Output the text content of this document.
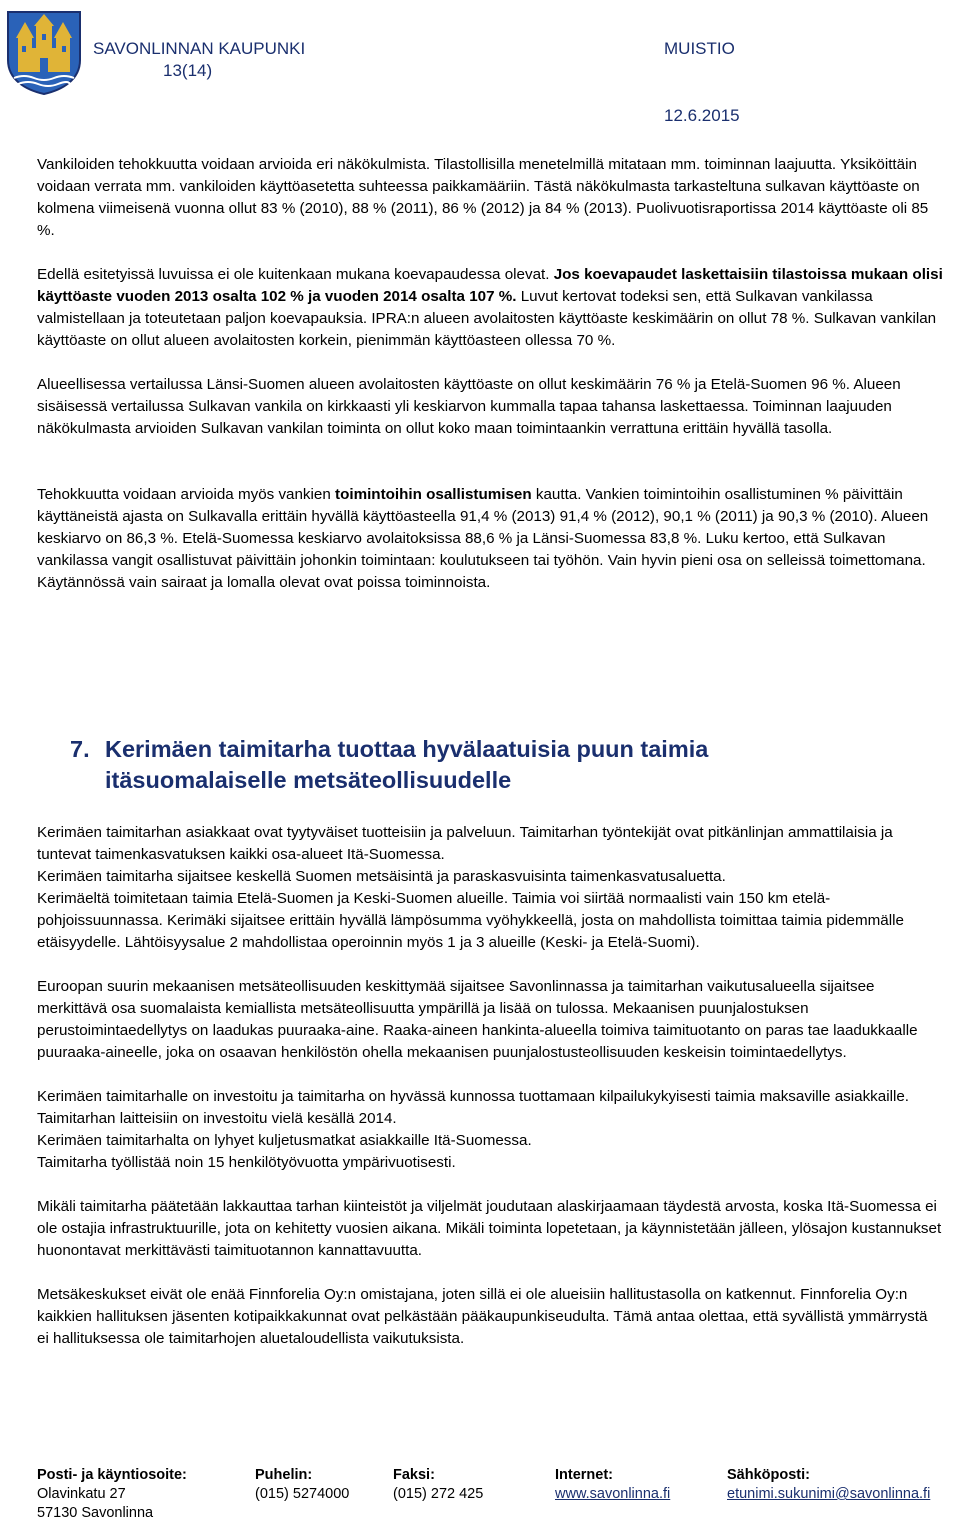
SAVONLINNAN KAUPUNKI
13(14)
MUISTIO
12.6.2015

Vankiloiden tehokkuutta voidaan arvioida eri näkökulmista. Tilastollisilla menetelmillä mitataan mm. toiminnan laajuutta. Yksiköittäin voidaan verrata mm. vankiloiden käyttöasetetta suhteessa paikkamääriin. Tästä näkökulmasta tarkasteltuna sulkavan käyttöaste on kolmena viimeisenä vuonna ollut 83 % (2010), 88 % (2011), 86 % (2012) ja 84 % (2013). Puolivuotisraportissa 2014 käyttöaste oli 85 %.

Edellä esitetyissä luvuissa ei ole kuitenkaan mukana koevapaudessa olevat. Jos koevapaudet laskettaisiin tilastoissa mukaan olisi käyttöaste vuoden 2013 osalta 102 % ja vuoden 2014 osalta 107 %. Luvut kertovat todeksi sen, että Sulkavan vankilassa valmistellaan ja toteutetaan paljon koevapauksia. IPRA:n alueen avolaitosten käyttöaste keskimäärin on ollut 78 %. Sulkavan vankilan käyttöaste on ollut alueen avolaitosten korkein, pienimmän käyttöasteen ollessa 70 %.

Alueellisessa vertailussa Länsi-Suomen alueen avolaitosten käyttöaste on ollut keskimäärin 76 % ja Etelä-Suomen 96 %. Alueen sisäisessä vertailussa Sulkavan vankila on kirkkaasti yli keskiarvon kummalla tapaa tahansa laskettaessa. Toiminnan laajuuden näkökulmasta arvioiden Sulkavan vankilan toiminta on ollut koko maan toimintaankin verrattuna erittäin hyvällä tasolla.

Tehokkuutta voidaan arvioida myös vankien toimintoihin osallistumisen kautta. Vankien toimintoihin osallistuminen % päivittäin käyttäneistä ajasta on Sulkavalla erittäin hyvällä käyttöasteella 91,4 % (2013) 91,4 % (2012), 90,1 % (2011) ja 90,3 % (2010). Alueen keskiarvo on 86,3 %. Etelä-Suomessa keskiarvo avolaitoksissa 88,6 % ja Länsi-Suomessa 83,8 %. Luku kertoo, että Sulkavan vankilassa vangit osallistuvat päivittäin johonkin toimintaan: koulutukseen tai työhön. Vain hyvin pieni osa on selleissä toimettomana. Käytännössä vain sairaat ja lomalla olevat ovat poissa toiminnoista.

7. Kerimäen taimitarha tuottaa hyvälaatuisia puun taimia itäsuomalaiselle metsäteollisuudelle

Kerimäen taimitarhan asiakkaat ovat tyytyväiset tuotteisiin ja palveluun. Taimitarhan työntekijät ovat pitkänlinjan ammattilaisia ja tuntevat taimenkasvatuksen kaikki osa-alueet Itä-Suomessa.
Kerimäen taimitarha sijaitsee keskellä Suomen metsäisintä ja paraskasvuisinta taimenkasvatusaluetta.
Kerimäeltä toimitetaan taimia Etelä-Suomen ja Keski-Suomen alueille. Taimia voi siirtää normaalisti vain 150 km etelä-pohjoissuunnassa. Kerimäki sijaitsee erittäin hyvällä lämpösumma vyöhykkeellä, josta on mahdollista toimittaa taimia pidemmälle etäisyydelle. Lähtöisyysalue 2 mahdollistaa operoinnin myös 1 ja 3 alueille (Keski- ja Etelä-Suomi).

Euroopan suurin mekaanisen metsäteollisuuden keskittymää sijaitsee Savonlinnassa ja taimitarhan vaikutusalueella sijaitsee merkittävä osa suomalaista kemiallista metsäteollisuutta ympärillä ja lisää on tulossa. Mekaanisen puunjalostuksen perustoimintaedellytys on laadukas puuraaka-aine. Raaka-aineen hankinta-alueella toimiva taimituotanto on paras tae laadukkaalle puuraaka-aineelle, joka on osaavan henkilöstön ohella mekaanisen puunjalostusteollisuuden keskeisin toimintaedellytys.

Kerimäen taimitarhalle on investoitu ja taimitarha on hyvässä kunnossa tuottamaan kilpailukykyisesti taimia maksaville asiakkaille. Taimitarhan laitteisiin on investoitu vielä kesällä 2014.
Kerimäen taimitarhalta on lyhyet kuljetusmatkat asiakkaille Itä-Suomessa.
Taimitarha työllistää noin 15 henkilötyövuotta ympärivuotisesti.

Mikäli taimitarha päätetään lakkauttaa tarhan kiinteistöt ja viljelmät joudutaan alaskirjaamaan täydestä arvosta, koska Itä-Suomessa ei ole ostajia infrastruktuurille, jota on kehitetty vuosien aikana. Mikäli toiminta lopetetaan, ja käynnistetään jälleen, ylösajon kustannukset huonontavat merkittävästi taimituotannon kannattavuutta.

Metsäkeskukset eivät ole enää Finnforelia Oy:n omistajana, joten sillä ei ole alueisiin hallitustasolla on katkennut. Finnforelia Oy:n kaikkien hallituksen jäsenten kotipaikkakunnat ovat pelkästään pääkaupunkiseudulta. Tämä antaa olettaa, että syvällistä ymmärrystä ei hallituksessa ole taimitarhojen aluetaloudellista vaikutuksista.

Posti- ja käyntiosoite:
Olavinkatu 27
57130 Savonlinna
Puhelin:
(015) 5274000
Faksi:
(015) 272 425
Internet:
www.savonlinna.fi
Sähköposti:
etunimi.sukunimi@savonlinna.fi
